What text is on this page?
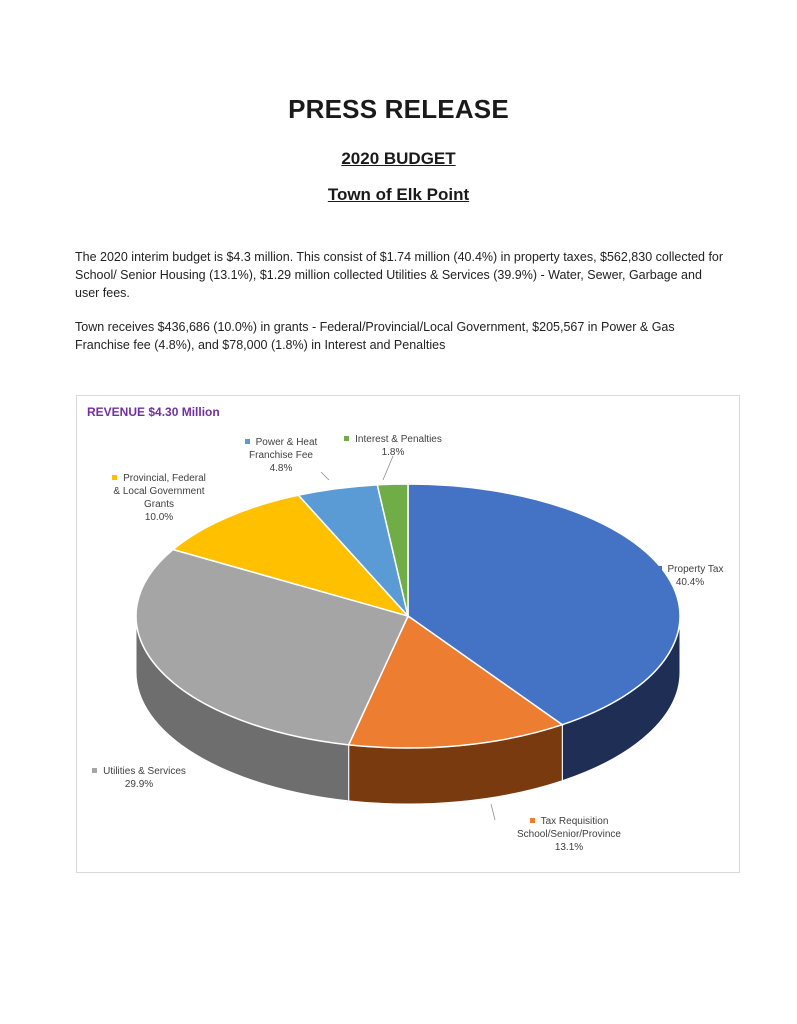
PRESS RELEASE
2020 BUDGET
Town of Elk Point
The 2020 interim budget is $4.3 million. This consist of $1.74 million (40.4%) in property taxes, $562,830 collected for School/ Senior Housing (13.1%), $1.29 million collected Utilities & Services (39.9%) - Water, Sewer, Garbage and user fees.
Town receives $436,686 (10.0%) in grants - Federal/Provincial/Local Government, $205,567 in Power & Gas Franchise fee (4.8%), and $78,000 (1.8%) in Interest and Penalties
REVENUE $4.30 Million
Property Tax
40.4%
Tax Requisition
School/Senior/Province
13.1%
Utilities & Services
29.9%
Provincial, Federal
& Local Government
Grants
10.0%
Power & Heat
Franchise Fee
4.8%
Interest & Penalties
1.8%
